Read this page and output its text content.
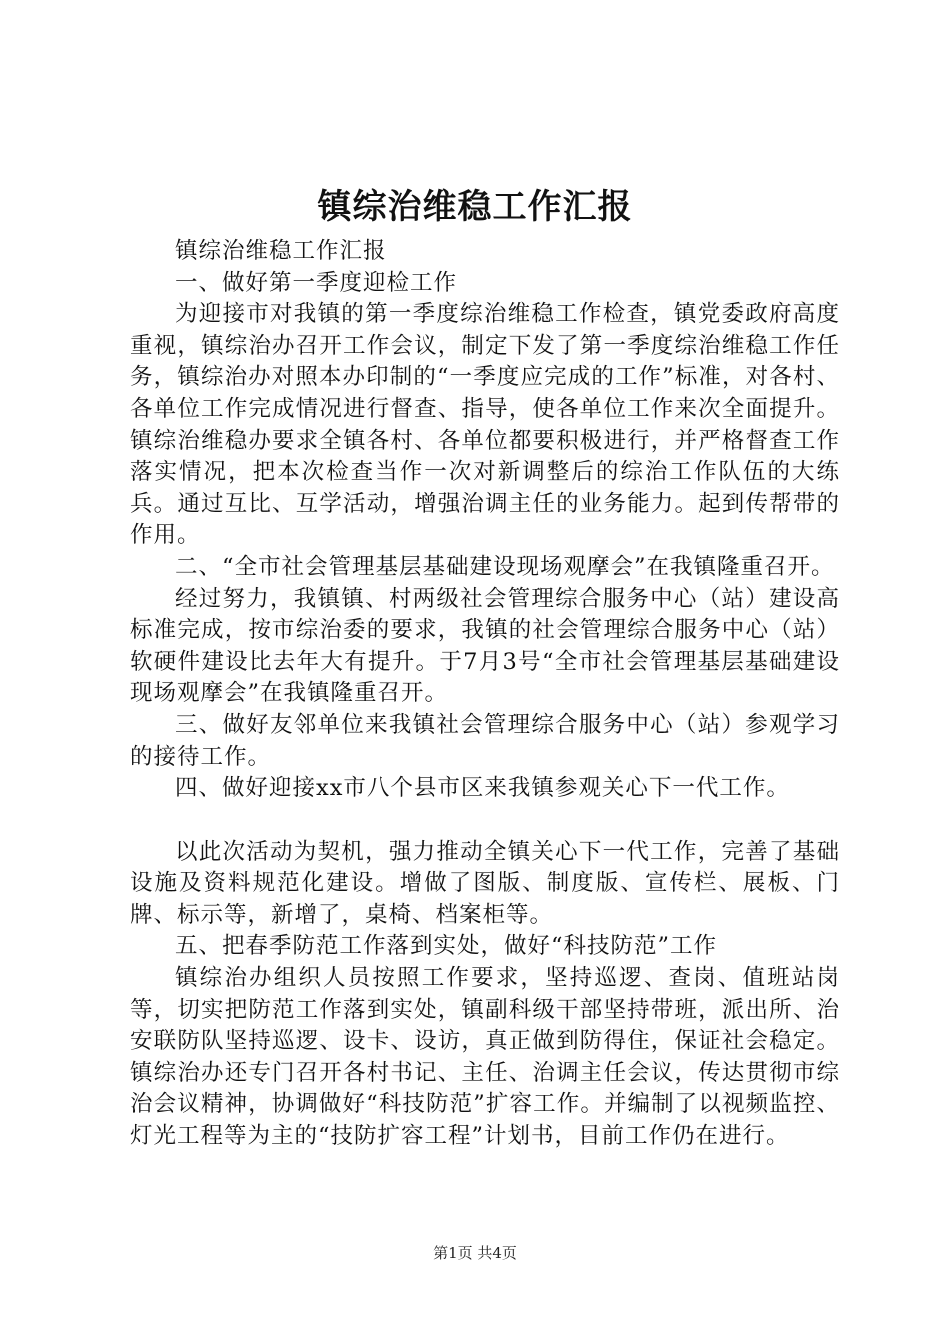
镇综治维稳工作汇报

镇综治维稳工作汇报

一、做好第一季度迎检工作

为迎接市对我镇的第一季度综治维稳工作检查，镇党委政府高度重视，镇综治办召开工作会议，制定下发了第一季度综治维稳工作任务，镇综治办对照本办印制的“一季度应完成的工作”标准，对各村、各单位工作完成情况进行督查、指导，使各单位工作来次全面提升。镇综治维稳办要求全镇各村、各单位都要积极进行，并严格督查工作落实情况，把本次检查当作一次对新调整后的综治工作队伍的大练兵。通过互比、互学活动，增强治调主任的业务能力。起到传帮带的作用。

二、“全市社会管理基层基础建设现场观摩会”在我镇隆重召开。

经过努力，我镇镇、村两级社会管理综合服务中心（站）建设高标准完成，按市综治委的要求，我镇的社会管理综合服务中心（站）软硬件建设比去年大有提升。于7月3号“全市社会管理基层基础建设现场观摩会”在我镇隆重召开。

三、做好友邻单位来我镇社会管理综合服务中心（站）参观学习的接待工作。

四、做好迎接xx市八个县市区来我镇参观关心下一代工作。

以此次活动为契机，强力推动全镇关心下一代工作，完善了基础设施及资料规范化建设。增做了图版、制度版、宣传栏、展板、门牌、标示等，新增了，桌椅、档案柜等。

五、把春季防范工作落到实处，做好“科技防范”工作

镇综治办组织人员按照工作要求，坚持巡逻、查岗、值班站岗等，切实把防范工作落到实处，镇副科级干部坚持带班，派出所、治安联防队坚持巡逻、设卡、设访，真正做到防得住，保证社会稳定。镇综治办还专门召开各村书记、主任、治调主任会议，传达贯彻市综治会议精神，协调做好“科技防范”扩容工作。并编制了以视频监控、灯光工程等为主的“技防扩容工程”计划书，目前工作仍在进行。

第1页 共4页
